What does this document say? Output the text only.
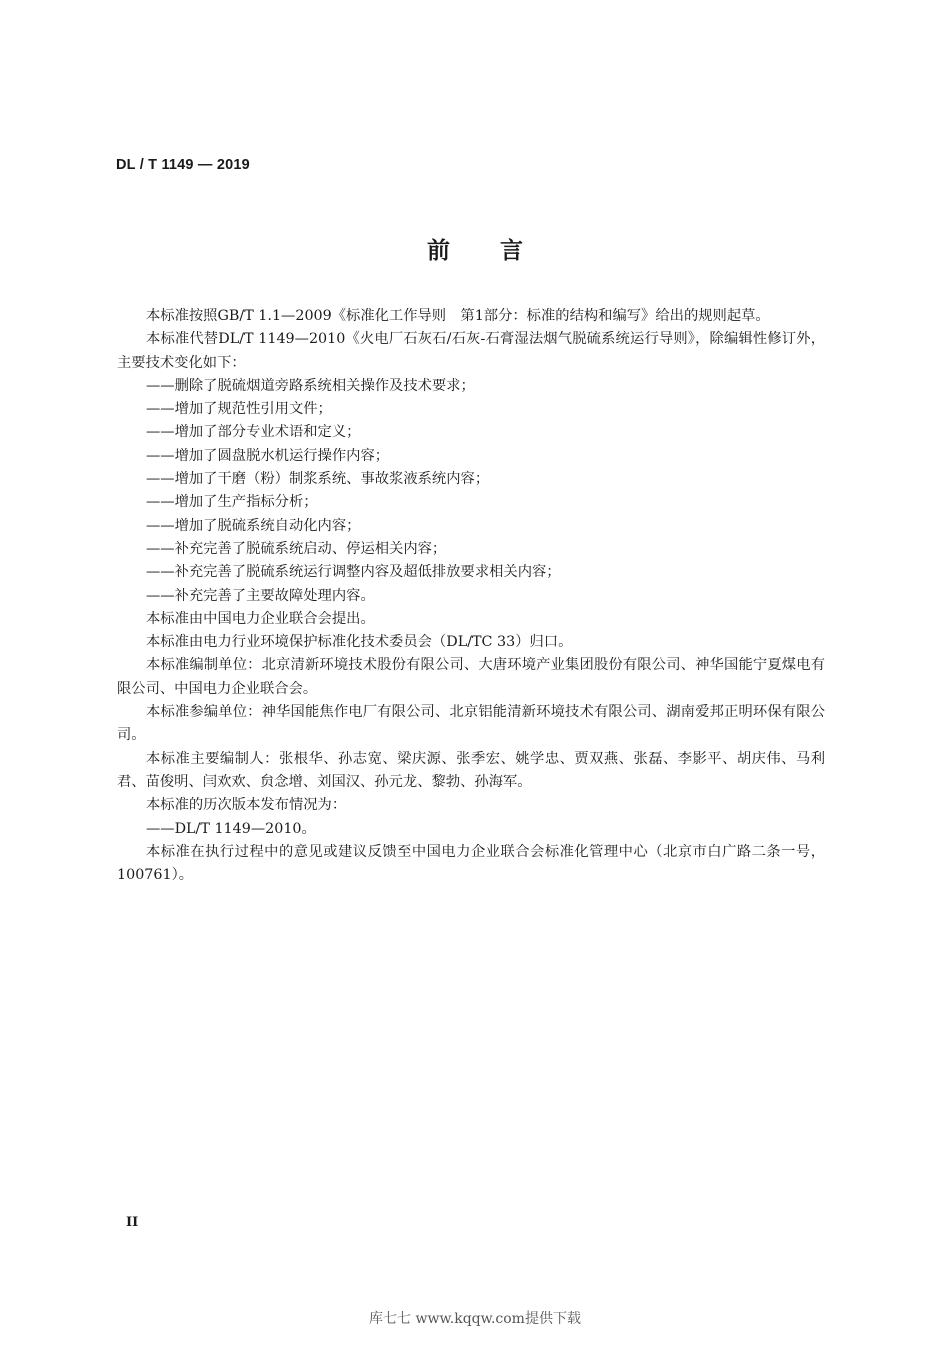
DL / T 1149 — 2019
前 言

本标准按照GB/T 1.1—2009《标准化工作导则　第1部分：标准的结构和编写》给出的规则起草。

本标准代替DL/T 1149—2010《火电厂石灰石/石灰-石膏湿法烟气脱硫系统运行导则》，除编辑性修订外，主要技术变化如下：

——删除了脱硫烟道旁路系统相关操作及技术要求；

——增加了规范性引用文件；

——增加了部分专业术语和定义；

——增加了圆盘脱水机运行操作内容；

——增加了干磨（粉）制浆系统、事故浆液系统内容；

——增加了生产指标分析；

——增加了脱硫系统自动化内容；

——补充完善了脱硫系统启动、停运相关内容；

——补充完善了脱硫系统运行调整内容及超低排放要求相关内容；

——补充完善了主要故障处理内容。

本标准由中国电力企业联合会提出。

本标准由电力行业环境保护标准化技术委员会（DL/TC 33）归口。

本标准编制单位：北京清新环境技术股份有限公司、大唐环境产业集团股份有限公司、神华国能宁夏煤电有限公司、中国电力企业联合会。

本标准参编单位：神华国能焦作电厂有限公司、北京铝能清新环境技术有限公司、湖南爱邦正明环保有限公司。

本标准主要编制人：张根华、孙志宽、梁庆源、张季宏、姚学忠、贾双燕、张磊、李影平、胡庆伟、马利君、苗俊明、闫欢欢、贠念增、刘国汉、孙元龙、黎勃、孙海军。

本标准的历次版本发布情况为：

——DL/T 1149—2010。

本标准在执行过程中的意见或建议反馈至中国电力企业联合会标准化管理中心（北京市白广路二条一号，100761）。

II
库七七 www.kqqw.com提供下载
